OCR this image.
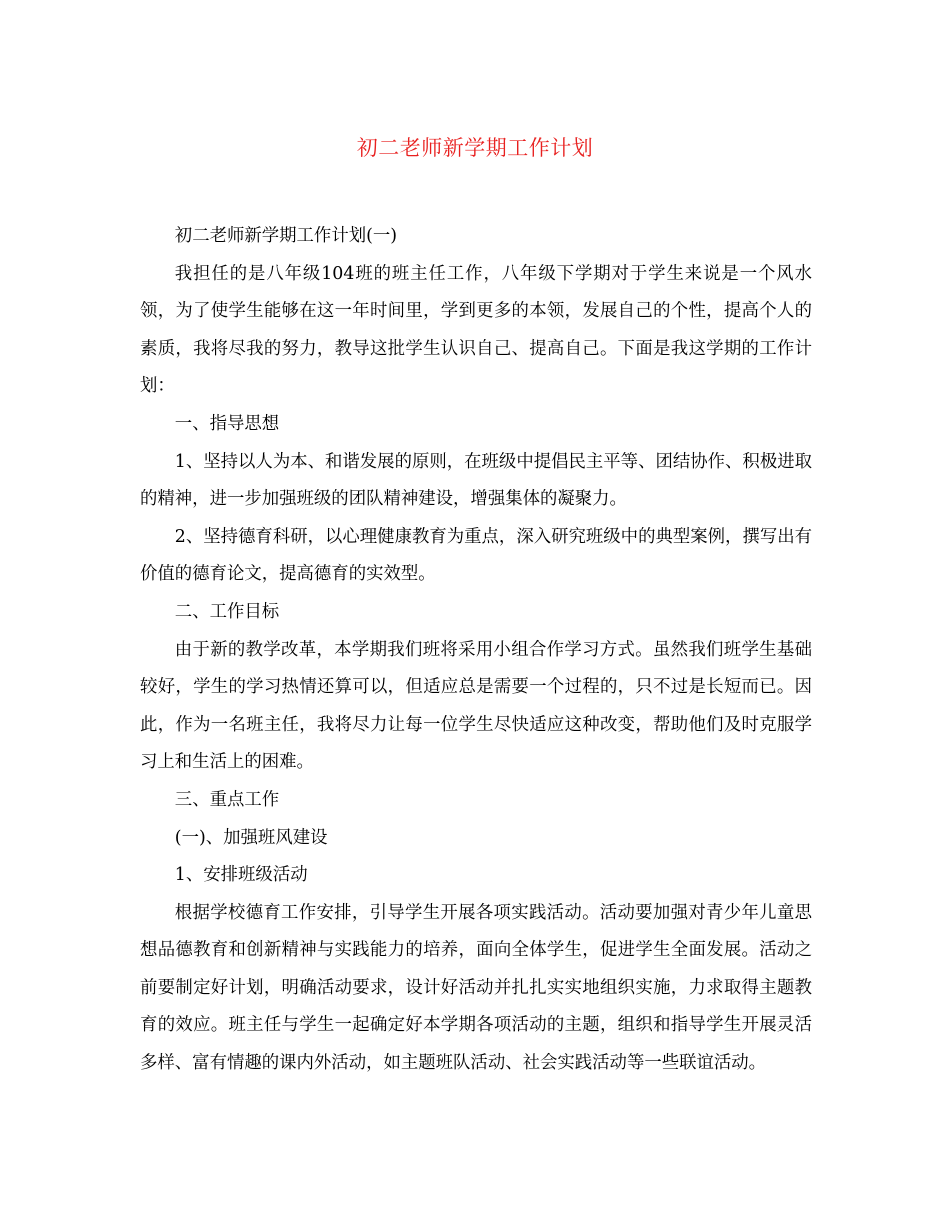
初二老师新学期工作计划

初二老师新学期工作计划(一)

我担任的是八年级104班的班主任工作，八年级下学期对于学生来说是一个风水领，为了使学生能够在这一年时间里，学到更多的本领，发展自己的个性，提高个人的素质，我将尽我的努力，教导这批学生认识自己、提高自己。下面是我这学期的工作计划：

一、指导思想

1、坚持以人为本、和谐发展的原则，在班级中提倡民主平等、团结协作、积极进取的精神，进一步加强班级的团队精神建设，增强集体的凝聚力。

2、坚持德育科研，以心理健康教育为重点，深入研究班级中的典型案例，撰写出有价值的德育论文，提高德育的实效型。

二、工作目标

由于新的教学改革，本学期我们班将采用小组合作学习方式。虽然我们班学生基础较好，学生的学习热情还算可以，但适应总是需要一个过程的，只不过是长短而已。因此，作为一名班主任，我将尽力让每一位学生尽快适应这种改变，帮助他们及时克服学习上和生活上的困难。

三、重点工作

(一)、加强班风建设

1、安排班级活动

根据学校德育工作安排，引导学生开展各项实践活动。活动要加强对青少年儿童思想品德教育和创新精神与实践能力的培养，面向全体学生，促进学生全面发展。活动之前要制定好计划，明确活动要求，设计好活动并扎扎实实地组织实施，力求取得主题教育的效应。班主任与学生一起确定好本学期各项活动的主题，组织和指导学生开展灵活多样、富有情趣的课内外活动，如主题班队活动、社会实践活动等一些联谊活动。
